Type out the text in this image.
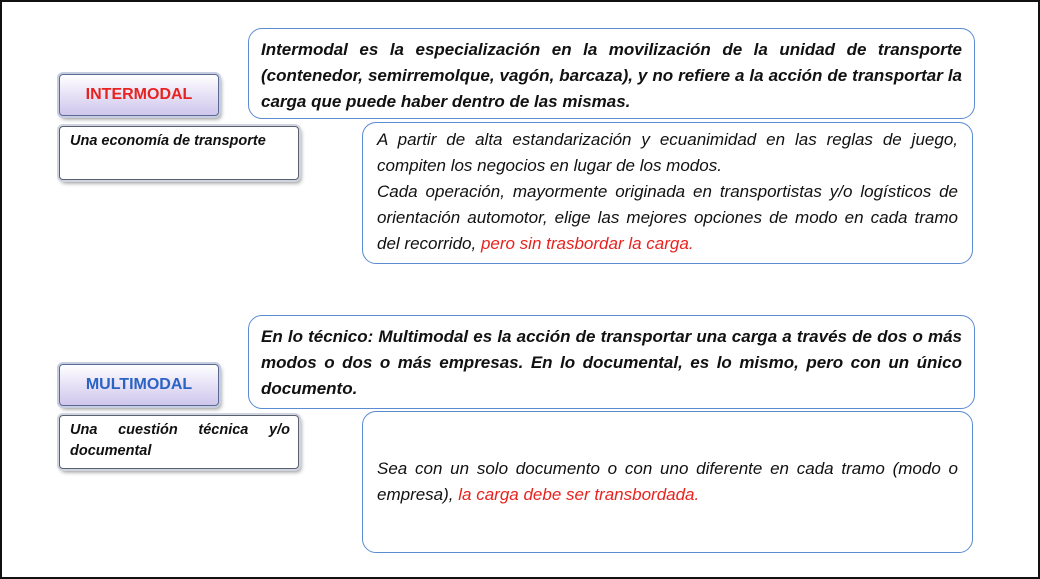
Intermodal es la especialización en la movilización de la unidad de transporte (contenedor, semirremolque, vagón, barcaza), y no refiere a la acción de transportar la carga que puede haber dentro de las mismas.
INTERMODAL
Una economía de transporte	A partir de alta estandarización y ecuanimidad en las reglas de juego, compiten los negocios en lugar de los modos.
Cada operación, mayormente originada en transportistas y/o logísticos de orientación automotor, elige las mejores opciones de modo en cada tramo del recorrido, pero sin trasbordar la carga.
En lo técnico: Multimodal es la acción de transportar una carga a través de dos o más modos o dos o más empresas. En lo documental, es lo mismo, pero con un único documento.
MULTIMODAL
Una cuestión técnica y/o documental
Sea con un solo documento o con uno diferente en cada tramo (modo o empresa), la carga debe ser transbordada.
